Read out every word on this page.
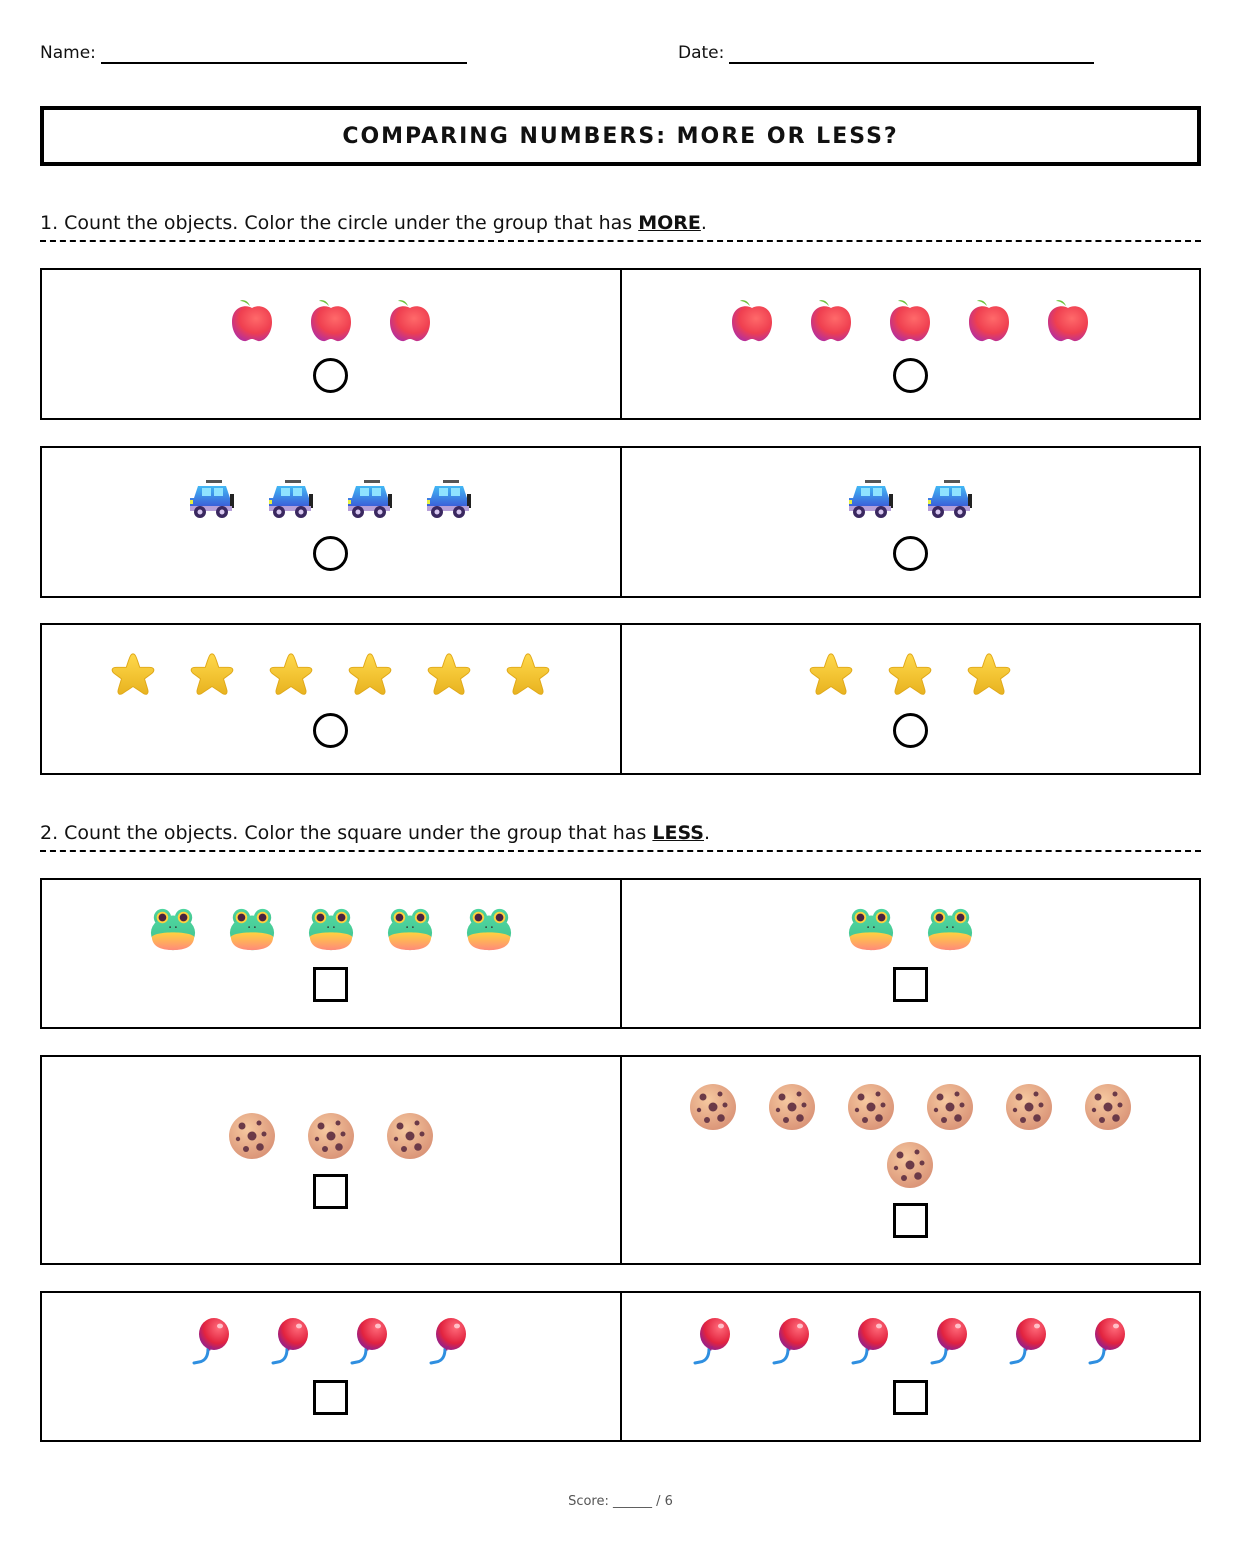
Name:	Date:
COMPARING NUMBERS: MORE OR LESS?
1. Count the objects. Color the circle under the group that has MORE.
2. Count the objects. Color the square under the group that has LESS.
Score: ______ / 6
